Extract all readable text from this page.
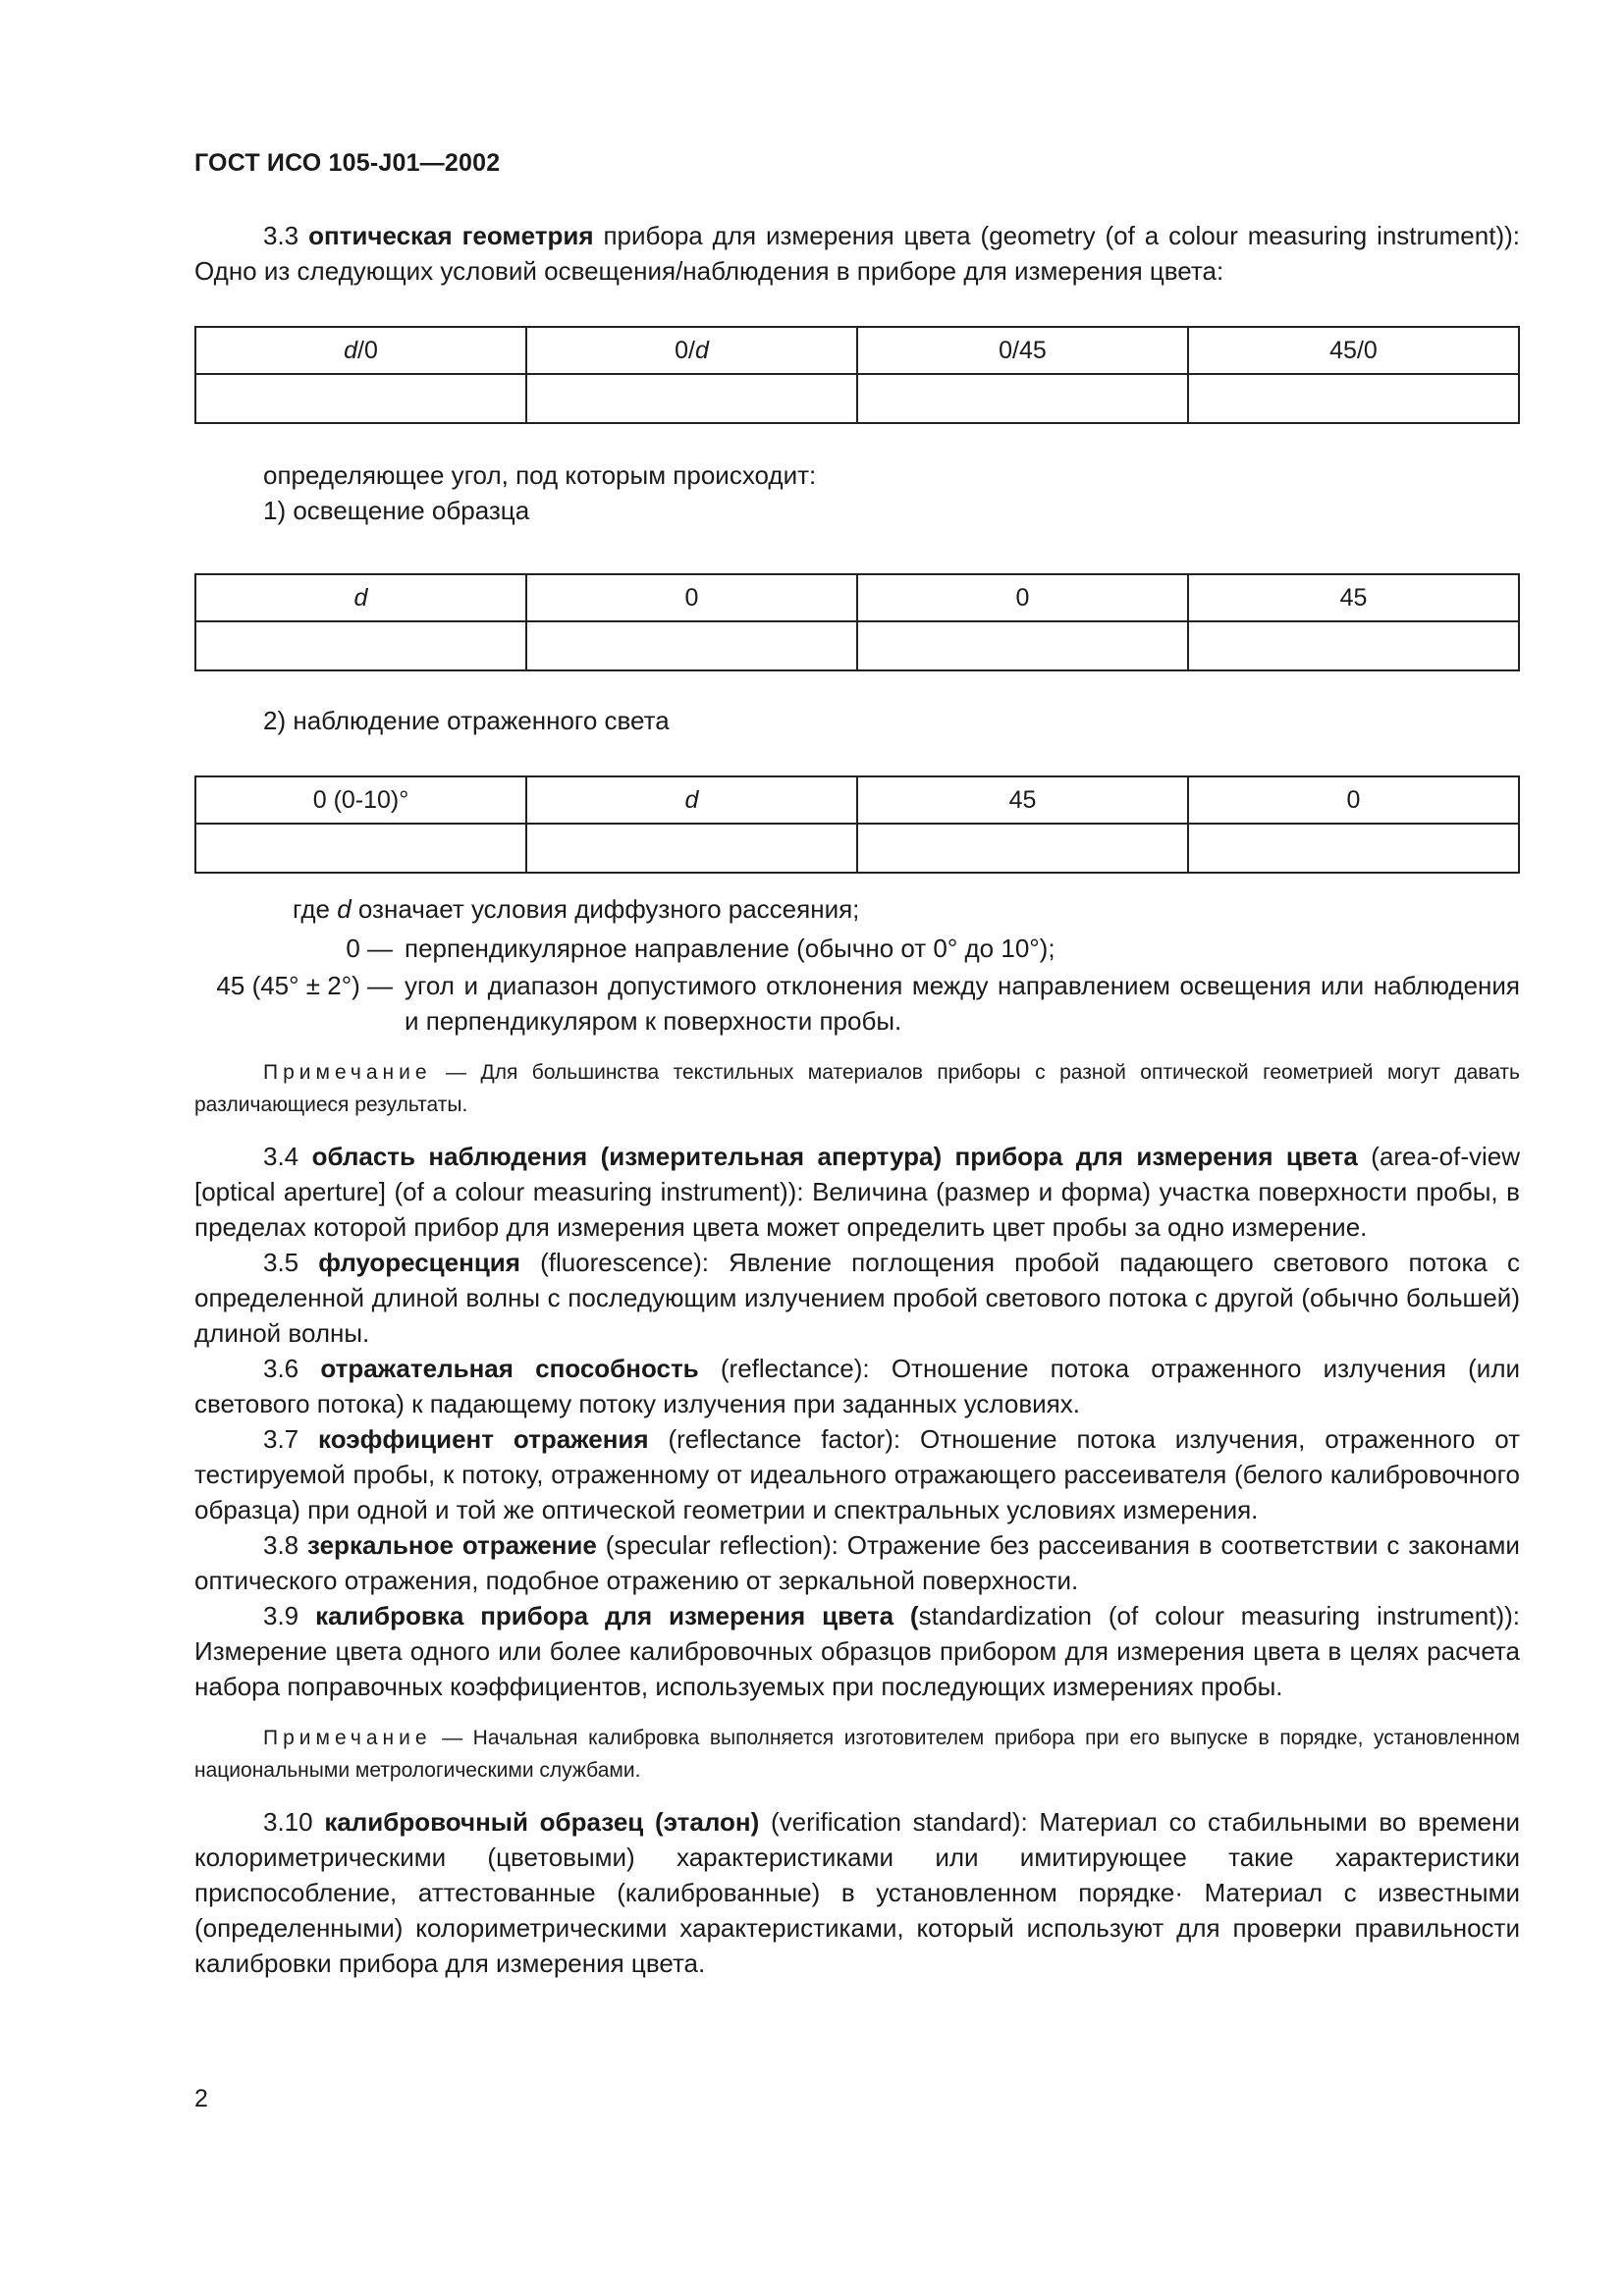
ГОСТ ИСО 105-J01—2002

3.3 оптическая геометрия прибора для измерения цвета (geometry (of a colour measuring instrument)): Одно из следующих условий освещения/наблюдения в приборе для измерения цвета:

d/0	0/d	0/45	45/0

определяющее угол, под которым происходит:

1) освещение образца

d	0	0	45

2) наблюдение отраженного света

0 (0-10)°	d	45	0

где d означает условия диффузного рассеяния;
0 — перпендикулярное направление (обычно от 0° до 10°);
45 (45° ± 2°) — угол и диапазон допустимого отклонения между направлением освещения или наблюдения и перпендикуляром к поверхности пробы.

Примечание — Для большинства текстильных материалов приборы с разной оптической геометрией могут давать различающиеся результаты.

3.4 область наблюдения (измерительная апертура) прибора для измерения цвета (area-of-view [optical aperture] (of a colour measuring instrument)): Величина (размер и форма) участка поверхности пробы, в пределах которой прибор для измерения цвета может определить цвет пробы за одно измерение.

3.5 флуоресценция (fluorescence): Явление поглощения пробой падающего светового потока с определенной длиной волны с последующим излучением пробой светового потока с другой (обычно большей) длиной волны.

3.6 отражательная способность (reflectance): Отношение потока отраженного излучения (или светового потока) к падающему потоку излучения при заданных условиях.

3.7 коэффициент отражения (reflectance factor): Отношение потока излучения, отраженного от тестируемой пробы, к потоку, отраженному от идеального отражающего рассеивателя (белого калибровочного образца) при одной и той же оптической геометрии и спектральных условиях измерения.

3.8 зеркальное отражение (specular reflection): Отражение без рассеивания в соответствии с законами оптического отражения, подобное отражению от зеркальной поверхности.

3.9 калибровка прибора для измерения цвета (standardization (of colour measuring instrument)): Измерение цвета одного или более калибровочных образцов прибором для измерения цвета в целях расчета набора поправочных коэффициентов, используемых при последующих измерениях пробы.

Примечание — Начальная калибровка выполняется изготовителем прибора при его выпуске в порядке, установленном национальными метрологическими службами.

3.10 калибровочный образец (эталон) (verification standard): Материал со стабильными во времени колориметрическими (цветовыми) характеристиками или имитирующее такие характеристики приспособление, аттестованные (калиброванные) в установленном порядке· Материал с известными (определенными) колориметрическими характеристиками, который используют для проверки правильности калибровки прибора для измерения цвета.

2
